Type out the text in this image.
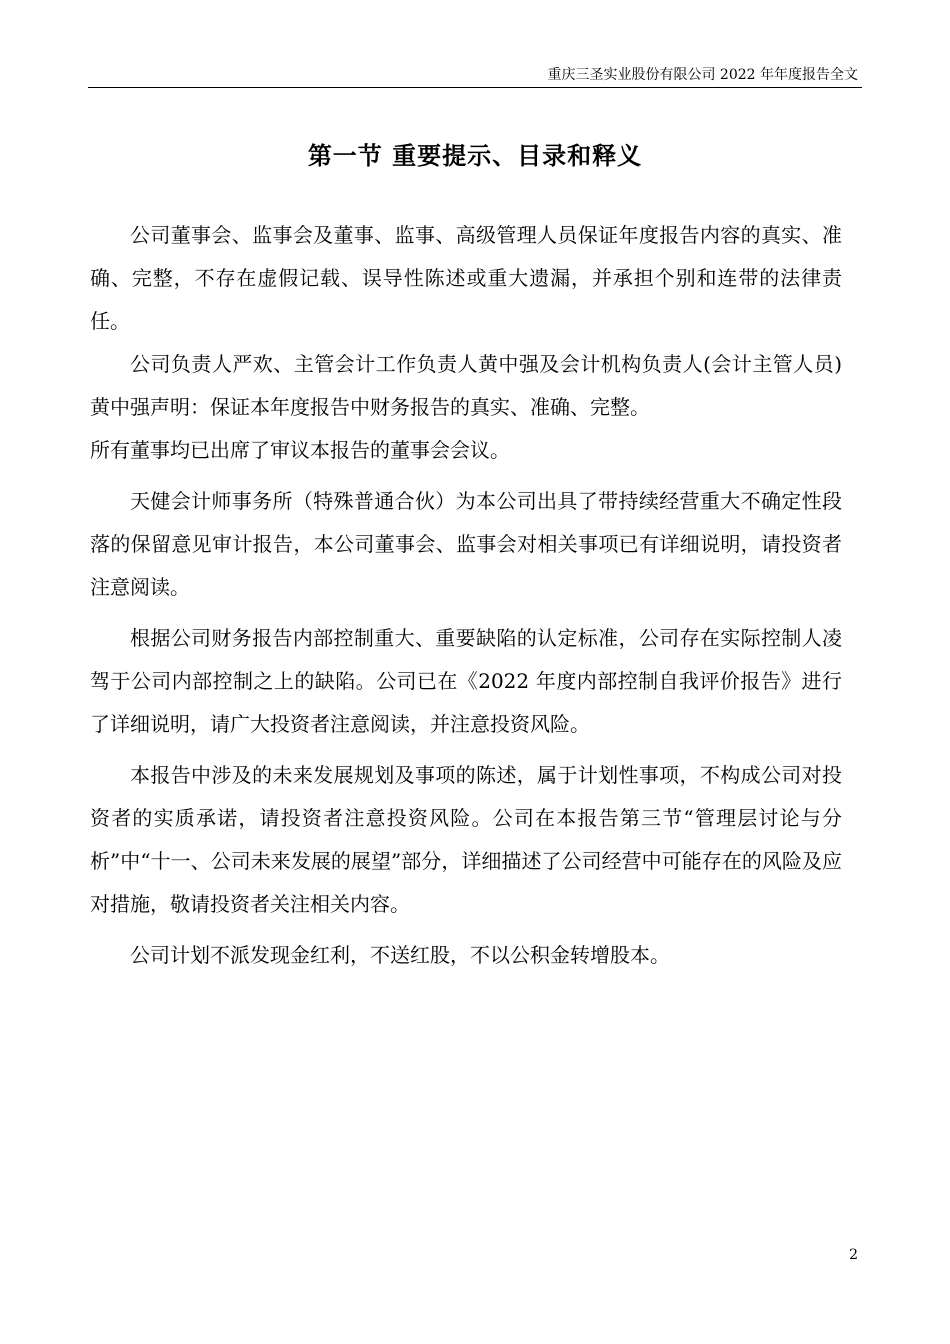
重庆三圣实业股份有限公司 2022 年年度报告全文
第一节 重要提示、目录和释义

公司董事会、监事会及董事、监事、高级管理人员保证年度报告内容的真实、准确、完整，不存在虚假记载、误导性陈述或重大遗漏，并承担个别和连带的法律责任。

公司负责人严欢、主管会计工作负责人黄中强及会计机构负责人(会计主管人员)黄中强声明：保证本年度报告中财务报告的真实、准确、完整。

所有董事均已出席了审议本报告的董事会会议。

天健会计师事务所（特殊普通合伙）为本公司出具了带持续经营重大不确定性段落的保留意见审计报告，本公司董事会、监事会对相关事项已有详细说明，请投资者注意阅读。

根据公司财务报告内部控制重大、重要缺陷的认定标准，公司存在实际控制人凌驾于公司内部控制之上的缺陷。公司已在《2022 年度内部控制自我评价报告》进行了详细说明，请广大投资者注意阅读，并注意投资风险。

本报告中涉及的未来发展规划及事项的陈述，属于计划性事项，不构成公司对投资者的实质承诺，请投资者注意投资风险。公司在本报告第三节“管理层讨论与分析”中“十一、公司未来发展的展望”部分，详细描述了公司经营中可能存在的风险及应对措施，敬请投资者关注相关内容。

公司计划不派发现金红利，不送红股，不以公积金转增股本。

2
